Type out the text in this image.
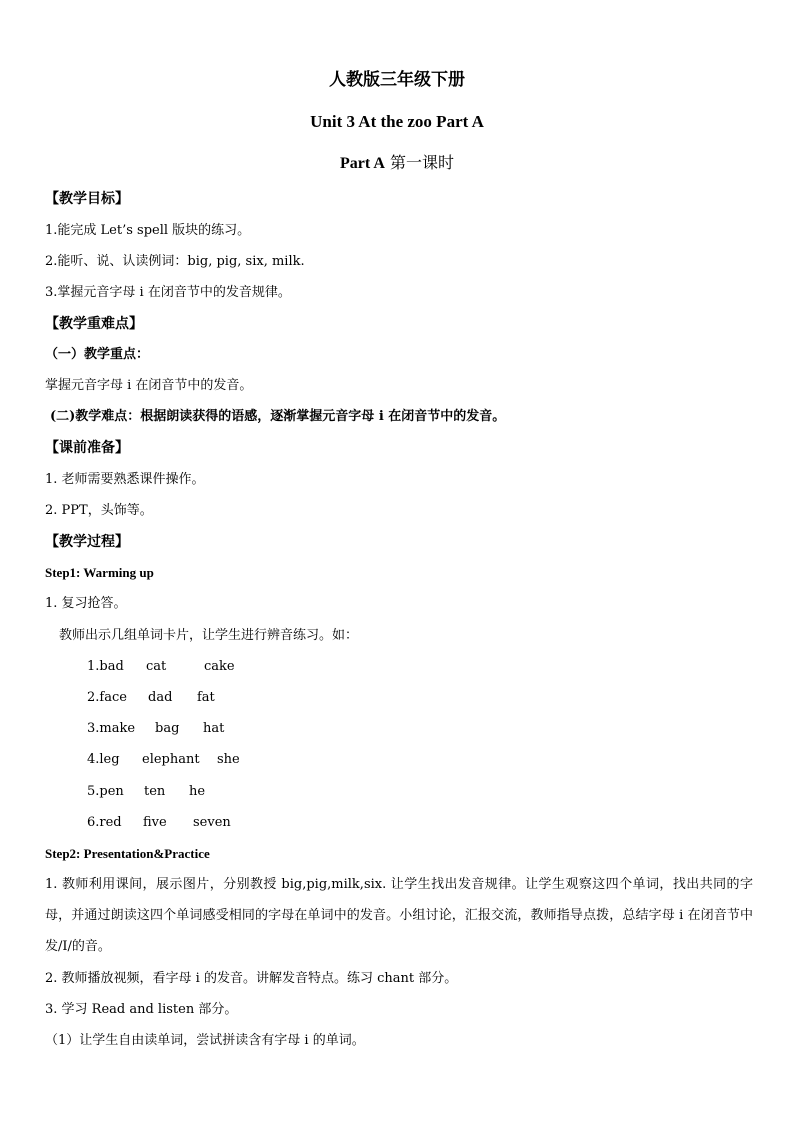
人教版三年级下册
Unit 3 At the zoo Part A
Part A 第一课时
【教学目标】
1.能完成 Let’s spell 版块的练习。
2.能听、说、认读例词：big, pig, six, milk.
3.掌握元音字母 i 在闭音节中的发音规律。
【教学重难点】
（一）教学重点：
掌握元音字母 i 在闭音节中的发音。
(二)教学难点：根据朗读获得的语感，逐渐掌握元音字母 i 在闭音节中的发音。
【课前准备】
1. 老师需要熟悉课件操作。
2. PPT，头饰等。
【教学过程】
Step1: Warming up
1. 复习抢答。
教师出示几组单词卡片，让学生进行辨音练习。如：
1.bad cat	cake
2.face dad fat
3.make bag hat
4.leg elephant she
5.pen ten he
6.red five seven
Step2: Presentation&Practice
1. 教师利用课间，展示图片，分别教授 big,pig,milk,six. 让学生找出发音规律。让学生观察这四个单词，找出共同的字母，并通过朗读这四个单词感受相同的字母在单词中的发音。小组讨论，汇报交流，教师指导点拨，总结字母 i 在闭音节中发/I/的音。
2. 教师播放视频，看字母 i 的发音。讲解发音特点。练习 chant 部分。
3. 学习 Read and listen 部分。
（1）让学生自由读单词，尝试拼读含有字母 i 的单词。
